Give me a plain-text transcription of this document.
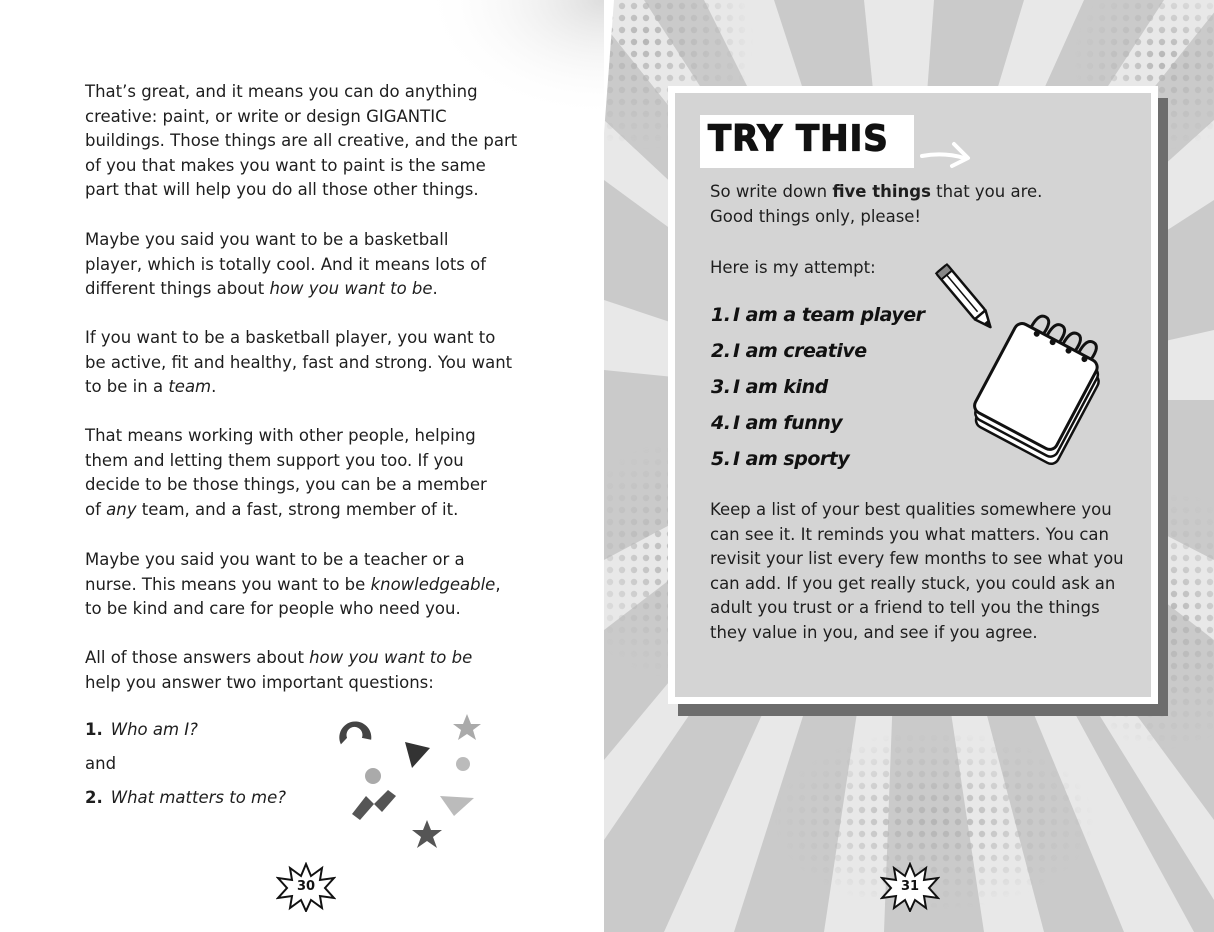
That’s great, and it means you can do anything
creative: paint, or write or design GIGANTIC
buildings. Those things are all creative, and the part
of you that makes you want to paint is the same
part that will help you do all those other things.

Maybe you said you want to be a basketball
player, which is totally cool. And it means lots of
different things about how you want to be.

If you want to be a basketball player, you want to
be active, fit and healthy, fast and strong. You want
to be in a team.

That means working with other people, helping
them and letting them support you too. If you
decide to be those things, you can be a member
of any team, and a fast, strong member of it.

Maybe you said you want to be a teacher or a
nurse. This means you want to be knowledgeable,
to be kind and care for people who need you.

All of those answers about how you want to be
help you answer two important questions:

1. Who am I?
and
2. What matters to me?
30
TRY THIS

So write down five things that you are.
Good things only, please!

Here is my attempt:

1. I am a team player
2. I am creative
3. I am kind
4. I am funny
5. I am sporty

Keep a list of your best qualities somewhere you
can see it. It reminds you what matters. You can
revisit your list every few months to see what you
can add. If you get really stuck, you could ask an
adult you trust or a friend to tell you the things
they value in you, and see if you agree.

31
